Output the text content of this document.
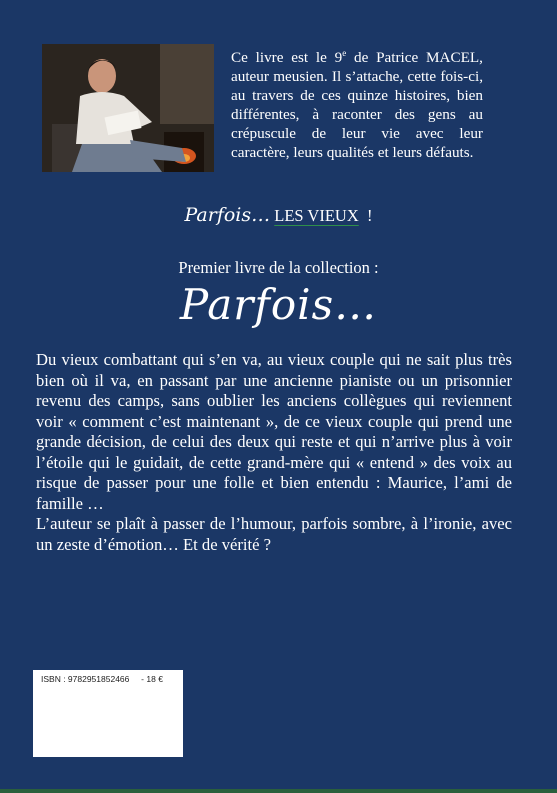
Ce livre est le 9e de Patrice MACEL, auteur meusien. Il s’attache, cette fois-ci, au travers de ces quinze histoires, bien différentes, à raconter des gens au crépuscule de leur vie avec leur caractère, leurs qualités et leurs défauts.
Parfois… LES VIEUX  !
Premier livre de la collection :
Parfois…

Du vieux combattant qui s’en va, au vieux couple qui ne sait plus très bien où il va, en passant par une ancienne pianiste ou un prisonnier revenu des camps, sans oublier les anciens collègues qui reviennent voir « comment c’est maintenant », de ce vieux couple qui prend une grande décision, de celui des deux qui reste et qui n’arrive plus à voir l’étoile qui le guidait, de cette grand-mère qui « entend » des voix au risque de passer pour une folle et bien entendu : Maurice, l’ami de famille …

L’auteur se plaît à passer de l’humour, parfois sombre, à l’ironie, avec un zeste d’émotion… Et de vérité ?

ISBN : 9782951852466     - 18 €
